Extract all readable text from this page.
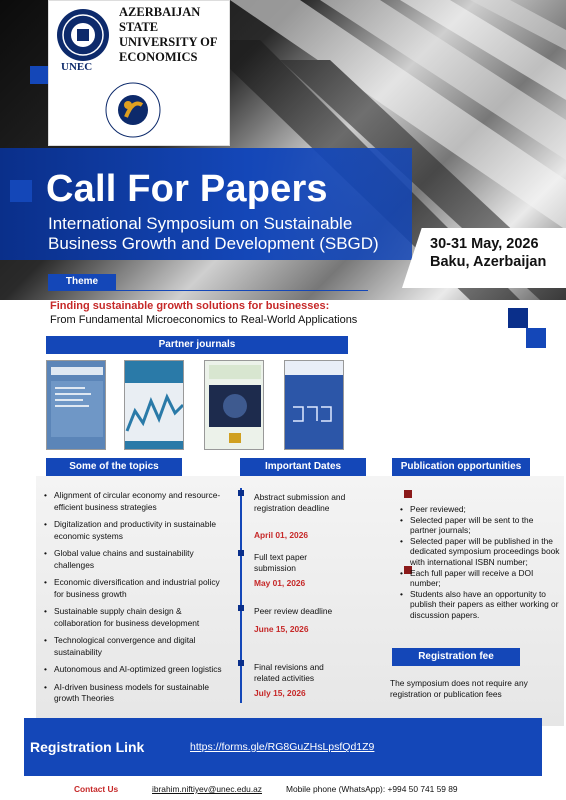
UNEC
AZERBAIJAN STATE UNIVERSITY OF ECONOMICS
Call For Papers
International Symposium on Sustainable Business Growth and Development (SBGD)	30-31 May, 2026
Baku, Azerbaijan
Theme
Finding sustainable growth solutions for businesses:
From Fundamental Microeconomics to Real-World Applications
Partner journals
Some of the topics	Important Dates	Publication opportunities
• Alignment of circular economy and resource-efficient business strategies
• Digitalization and productivity in sustainable economic systems
• Global value chains and sustainability challenges
• Economic diversification and industrial policy for business growth
• Sustainable supply chain design & collaboration for business development
• Technological convergence and digital sustainability
• Autonomous and AI-optimized green logistics
• AI-driven business models for sustainable growth Theories
Abstract submission and registration deadline
April 01, 2026
Full text paper submission
May 01, 2026
Peer review deadline
June 15, 2026
Final revisions and related activities
July 15, 2026
• Peer reviewed;
• Selected paper will be sent to the partner journals;
• Selected paper will be published in the dedicated symposium proceedings book with international ISBN number;
• Each full paper will receive a DOI number;
• Students also have an opportunity to publish their papers as either working or discussion papers.
Registration fee
The symposium does not require any registration or publication fees
Registration Link	https://forms.gle/RG8GuZHsLpsfQd1Z9
Contact Us	ibrahim.niftiyev@unec.edu.az	Mobile phone (WhatsApp): +994 50 741 59 89
